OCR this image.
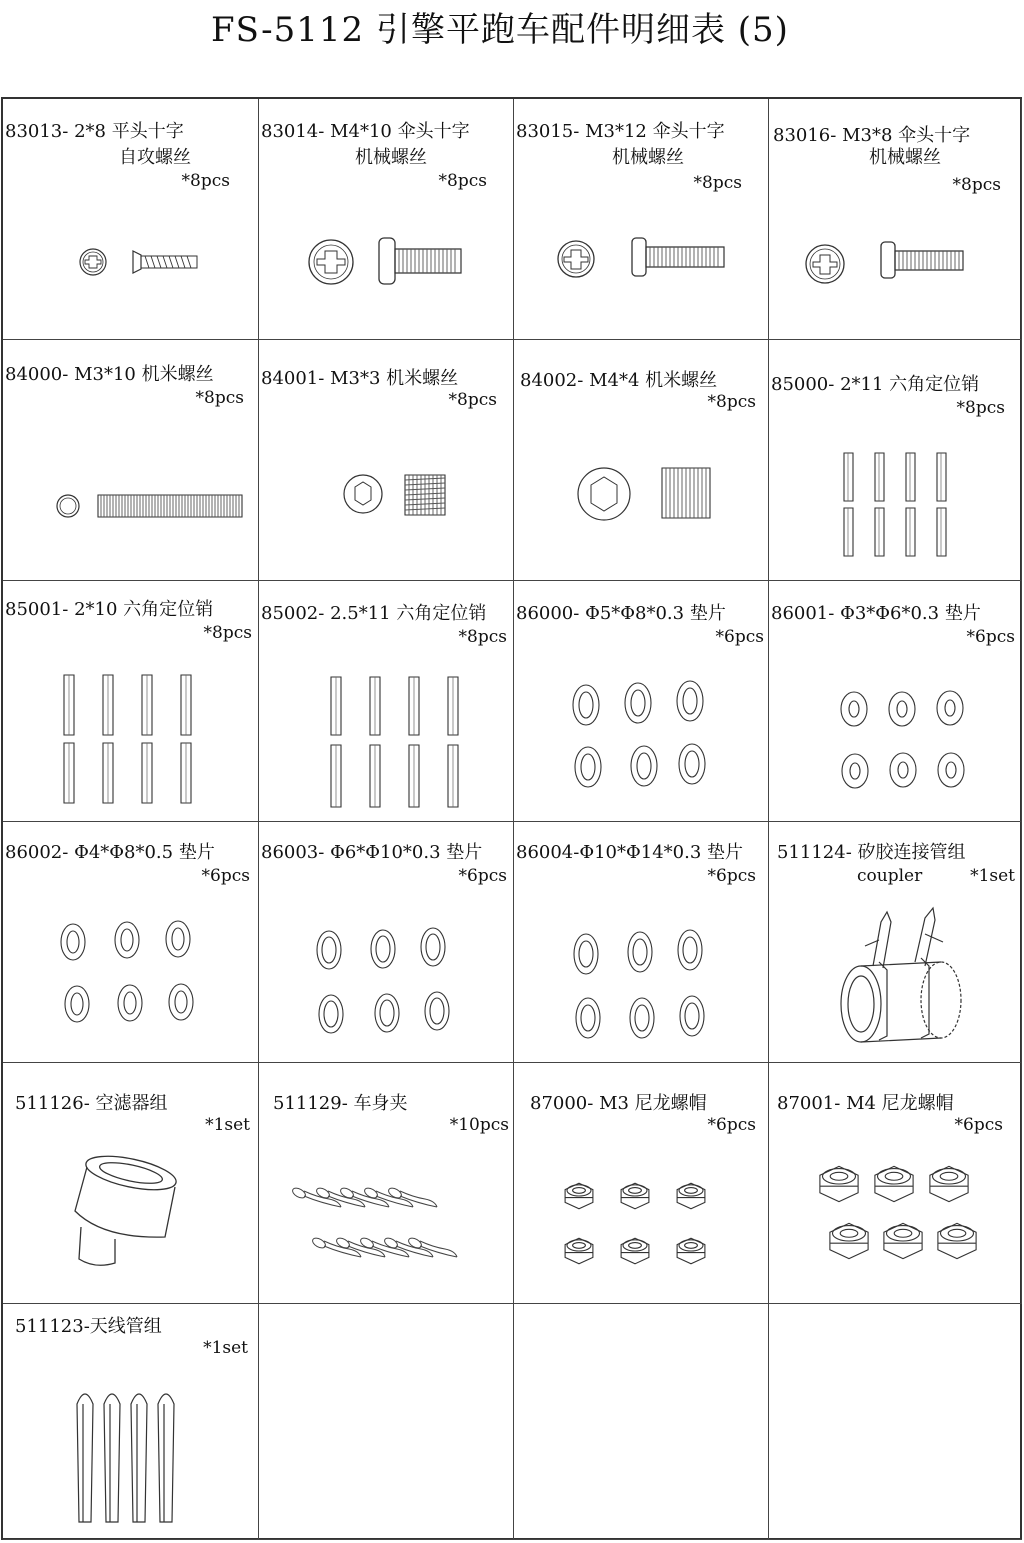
FS-5112 引擎平跑车配件明细表 (5)
83013- 2*8 平头十字
自攻螺丝
*8pcs
83014- M4*10 伞头十字
机械螺丝
*8pcs
83015- M3*12 伞头十字
机械螺丝
*8pcs
83016- M3*8 伞头十字
机械螺丝
*8pcs
84000- M3*10 机米螺丝
*8pcs
84001- M3*3 机米螺丝
*8pcs
84002- M4*4 机米螺丝
*8pcs
85000- 2*11 六角定位销
*8pcs
85001- 2*10 六角定位销
*8pcs
85002- 2.5*11 六角定位销
*8pcs
86000- Φ5*Φ8*0.3 垫片
*6pcs
86001- Φ3*Φ6*0.3 垫片
*6pcs
86002- Φ4*Φ8*0.5 垫片
*6pcs
86003- Φ6*Φ10*0.3 垫片
*6pcs
86004-Φ10*Φ14*0.3 垫片
*6pcs
511124- 矽胶连接管组
coupler	*1set
511126- 空滤器组
*1set
511129- 车身夹
*10pcs
87000- M3 尼龙螺帽
*6pcs
87001- M4 尼龙螺帽
*6pcs
511123-天线管组
*1set
